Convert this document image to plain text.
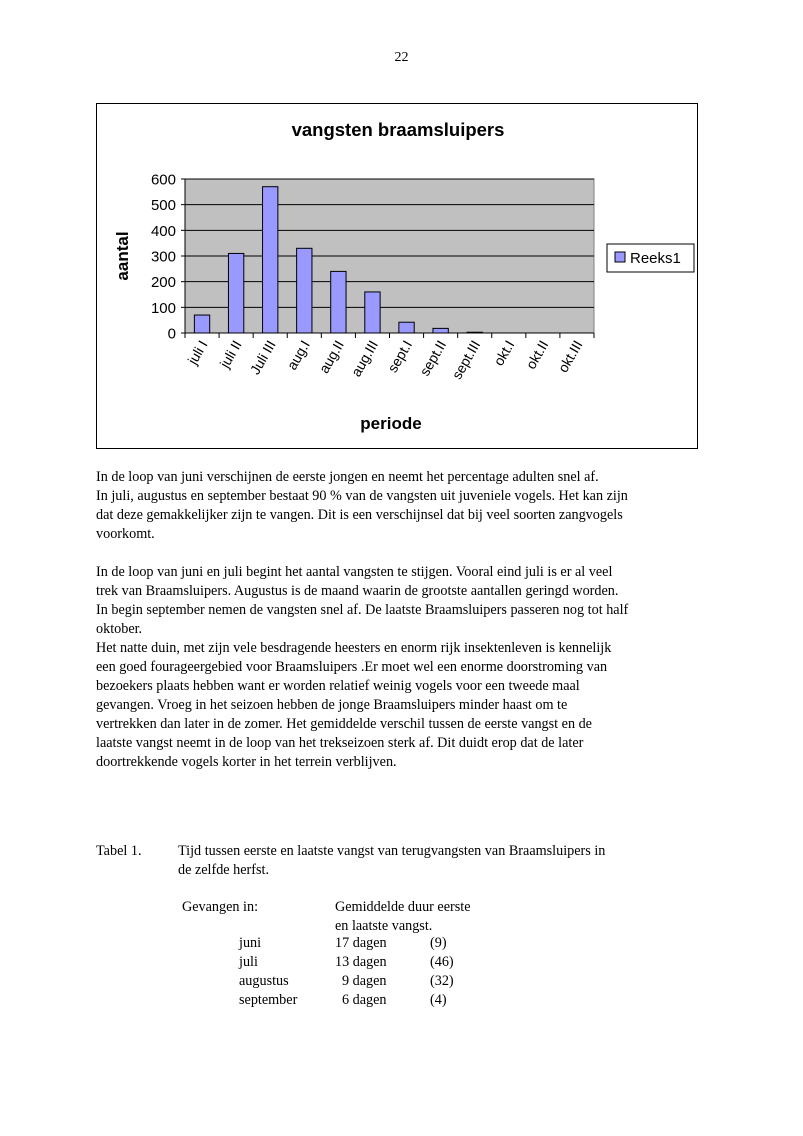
22
vangsten braamsluipers
0
100
200
300
400
500
600
juli I juli II Juli III aug.I aug.II aug.III sept.I sept.II sept.III okt.I okt.II okt.III
periode
aantal	Reeks1

In de loop van juni verschijnen de eerste jongen en neemt het percentage adulten snel af.
In juli, augustus en september bestaat 90 % van de vangsten uit juveniele vogels. Het kan zijn
dat deze gemakkelijker zijn te vangen. Dit is een verschijnsel dat bij veel soorten zangvogels
voorkomt.

In de loop van juni en juli begint het aantal vangsten te stijgen. Vooral eind juli is er al veel
trek van Braamsluipers. Augustus is de maand waarin de grootste aantallen geringd worden.
In begin september nemen de vangsten snel af. De laatste Braamsluipers passeren nog tot half
oktober.
Het natte duin, met zijn vele besdragende heesters en enorm rijk insektenleven is kennelijk
een goed fourageergebied voor Braamsluipers .Er moet wel een enorme doorstroming van
bezoekers plaats hebben want er worden relatief weinig vogels voor een tweede maal
gevangen. Vroeg in het seizoen hebben de jonge Braamsluipers minder haast om te
vertrekken dan later in de zomer. Het gemiddelde verschil tussen de eerste vangst en de
laatste vangst neemt in de loop van het trekseizoen sterk af. Dit duidt erop dat de later
doortrekkende vogels korter in het terrein verblijven.

Tabel 1.	Tijd tussen eerste en laatste vangst van terugvangsten van Braamsluipers in
de zelfde herfst.
Gevangen in:	Gemiddelde duur eerste
en laatste vangst.
juni	17 dagen	(9)
juli	13 dagen	(46)
augustus	9 dagen	(32)
september	6 dagen	(4)
